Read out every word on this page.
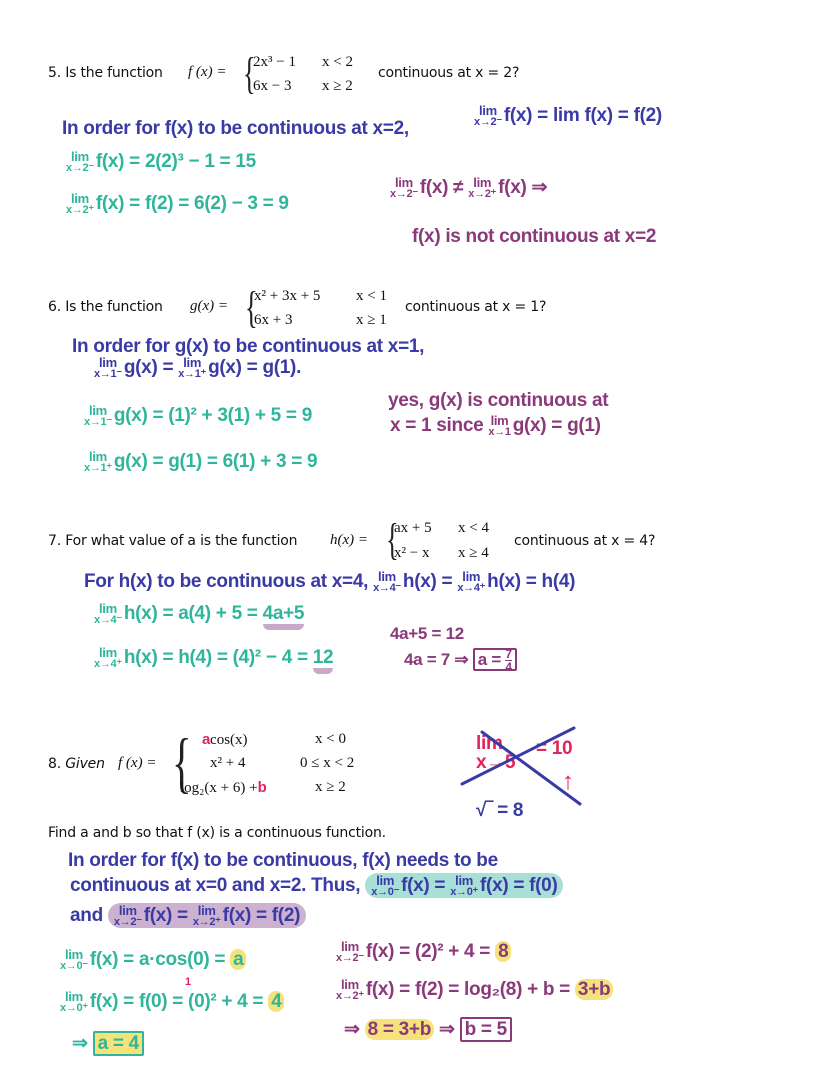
5. Is the function f (x) = {
2x³ − 1 x < 2
6x − 3 x ≥ 2
continuous at x = 2?
In order for f(x) to be continuous at x=2,
lim
x→2⁻ f(x) = lim f(x) = f(2)
lim
x→2⁻ f(x) = 2(2)³ − 1 = 15
lim
x→2⁺ f(x) = f(2) = 6(2) − 3 = 9
lim
x→2⁻ f(x) ≠ lim
x→2⁺ f(x) ⇒
f(x) is not continuous at x=2
6. Is the function g(x) = {
x² + 3x + 5 x < 1
6x + 3	x ≥ 1
continuous at x = 1?
In order for g(x) to be continuous at x=1,
lim
x→1⁻ g(x) = lim
x→1⁺ g(x) = g(1).
lim
x→1⁻ g(x) = (1)² + 3(1) + 5 = 9
lim
x→1⁺ g(x) = g(1) = 6(1) + 3 = 9
yes, g(x) is continuous at
x = 1 since lim
x→1 g(x) = g(1)
7. For what value of a is the function h(x) = {
ax + 5 x < 4
x² − x x ≥ 4
continuous at x = 4?
For h(x) to be continuous at x=4, lim
x→4⁻ h(x) = lim
x→4⁺ h(x) = h(4)
lim
x→4⁻ h(x) = a(4) + 5 = 4a+5
lim
x→4⁺ h(x) = h(4) = (4)² − 4 = 12
4a+5 = 12
4a = 7 ⇒ $a = \frac{7}{4}$
8. Given f (x) = { acos(x)	x < 0
x² + 4	0 ≤ x < 2
log₂(x + 6) +b	x ≥ 2
Find a and b so that f (x) is a continuous function.
lim
x→5
= 10
↑
√‾ = 8
In order for f(x) to be continuous, f(x) needs to be
continuous at x=0 and x=2. Thus,	lim
x→0⁻ f(x) = lim
x→0⁺ f(x) = f(0)
and	lim
x→2⁻ f(x) = lim
x→2⁺ f(x) = f(2)
lim
x→0⁻ f(x) = a·cos(0) = a
1
lim
x→0⁺ f(x) = f(0) = (0)² + 4 = 4
⇒ a = 4
lim
x→2⁻ f(x) = (2)² + 4 = 8
lim
x→2⁺ f(x) = f(2) = log₂(8) + b = 3+b
⇒ 8 = 3+b ⇒ b = 5
